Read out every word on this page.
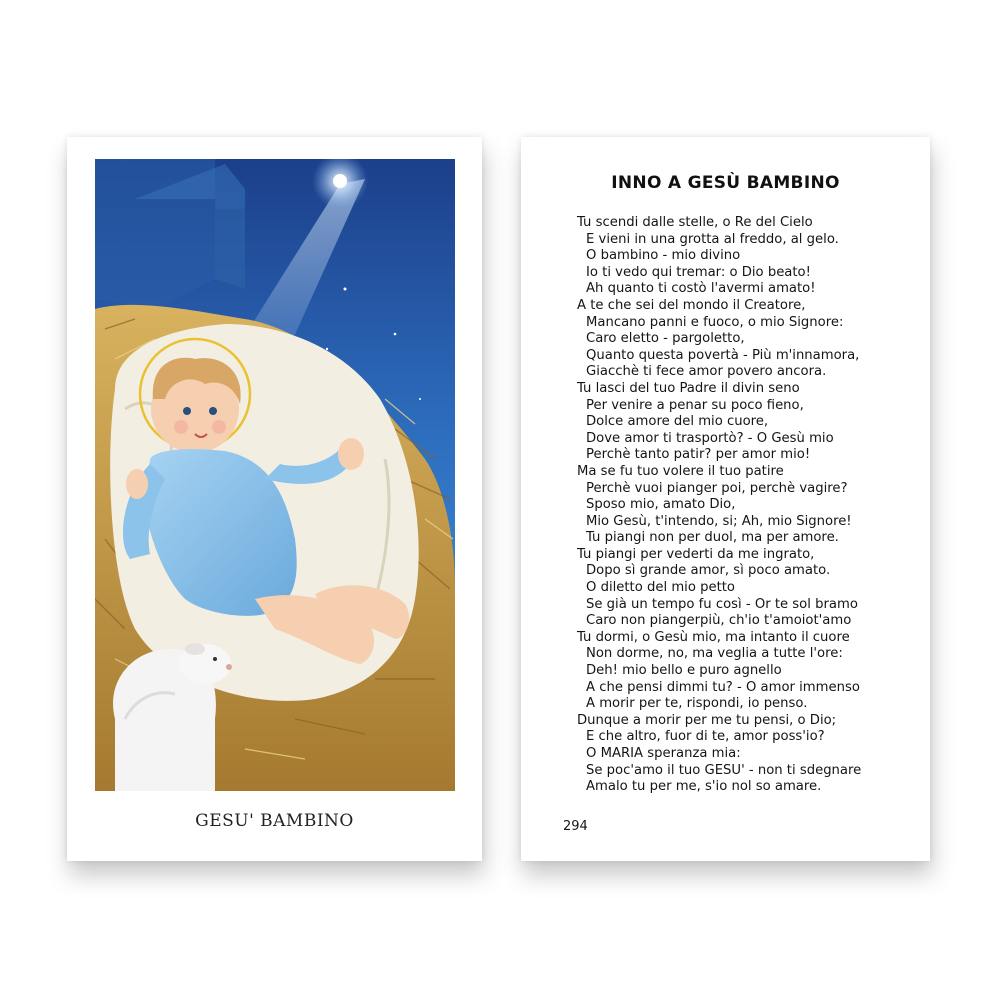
GESU' BAMBINO
INNO A GESÙ BAMBINO
Tu scendi dalle stelle, o Re del Cielo
E vieni in una grotta al freddo, al gelo.
O bambino - mio divino
Io ti vedo qui tremar: o Dio beato!
Ah quanto ti costò l'avermi amato!
A te che sei del mondo il Creatore,
Mancano panni e fuoco, o mio Signore:
Caro eletto - pargoletto,
Quanto questa povertà - Più m'innamora,
Giacchè ti fece amor povero ancora.
Tu lasci del tuo Padre il divin seno
Per venire a penar su poco fieno,
Dolce amore del mio cuore,
Dove amor ti trasportò? - O Gesù mio
Perchè tanto patir? per amor mio!
Ma se fu tuo volere il tuo patire
Perchè vuoi pianger poi, perchè vagire?
Sposo mio, amato Dio,
Mio Gesù, t'intendo, si; Ah, mio Signore!
Tu piangi non per duol, ma per amore.
Tu piangi per vederti da me ingrato,
Dopo sì grande amor, sì poco amato.
O diletto del mio petto
Se già un tempo fu così - Or te sol bramo
Caro non piangerpiù, ch'io t'amoiot'amo
Tu dormi, o Gesù mio, ma intanto il cuore
Non dorme, no, ma veglia a tutte l'ore:
Deh! mio bello e puro agnello
A che pensi dimmi tu? - O amor immenso
A morir per te, rispondi, io penso.
Dunque a morir per me tu pensi, o Dio;
E che altro, fuor di te, amor poss'io?
O MARIA speranza mia:
Se poc'amo il tuo GESU' - non ti sdegnare
Amalo tu per me, s'io nol so amare.
294
